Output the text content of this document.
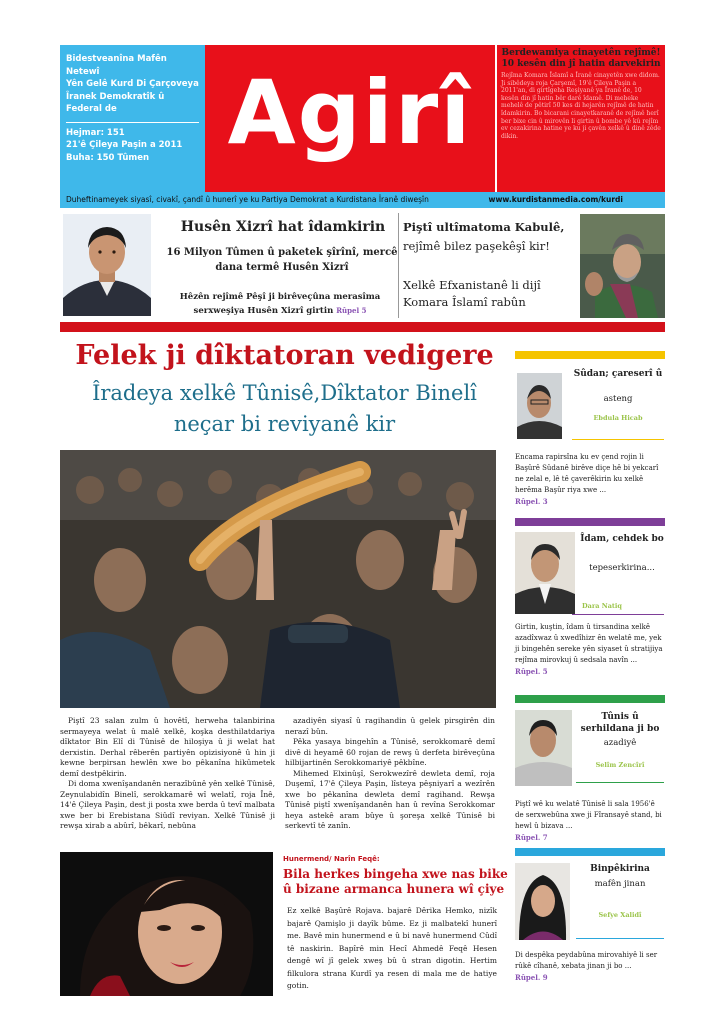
Bidestveanîna Mafên Netewî
Yên Gelê Kurd Di Çarçoveya
Îranek Demokratîk û
Federal de
Hejmar: 151
21'ê Çileya Paşin a 2011
Buha: 150 Tûmen Agirî
Berdewamiya cinayetên rejîmê! 10 kesên din jî hatin darvekirin
Rejîma Komara Îslamî a Îranê cinayetên xwe didom. Ji sibêdeya roja Çarşemî, 19'ê Çileya Paşin a 2011'an, di girtîgeha Reşiyanê ya Îranê de, 10 kesên din jî hatin bêr darê îdamê. Di meheke mehelê de pêtirî 50 kes di hejarên rejîmê de hatin îdamkirin. Bo bicarani cinayetkaranê de rejîmê herî ber bixe cin û mirovên li girtin û bombe yê kû rejîm ev cezakirina hatine ye ku ji çavên xelkê û dinê zêde dikin.
Duheftinameyek siyasî, civakî, çandî û hunerî ye ku Partiya Demokrat a Kurdistana Îranê diweşîn	www.kurdistanmedia.com/kurdi
Husên Xizrî hat îdamkirin
16 Milyon Tûmen û paketek şîrînî, mercê dana termê Husên Xizrî
Hêzên rejîmê Pêşî ji birêveçûna merasîma serxweşiya Husên Xizrî girtin Rûpel 5
Piştî ultîmatoma Kabulê,
rejîmê bilez paşekêşî kir!
Xelkê Efxanistanê li dijî Komara Îslamî rabûn
Felek ji dîktatoran vedigere
Îradeya xelkê Tûnisê,Dîktator Binelî neçar bi reviyanê kir

Piştî 23 salan zulm û hovêtî, herweha talanbirina sermayeya welat û malê xelkê, koşka desthilatdariya dîktator Bin Elî di Tûnisê de hiloşiya û ji welat hat derxistin. Derhal rêberên partiyên opizisiyonê û hin ji kewne berpirsan hewlên xwe bo pêkanîna hikûmetek demî destpêkirin.

Di doma xwenîşandanên nerazîbûnê yên xelkê Tûnisê, Zeynulabidîn Binelî, serokkamarê wî welatî, roja Înê, 14'ê Çileya Paşin, dest ji posta xwe berda û tevî malbata xwe ber bi Erebistana Siûdî reviyan. Xelkê Tûnisê ji rewşa xirab a abûrî, bêkarî, nebûna

azadiyên siyasî û ragihandin û gelek pirsgirên din nerazî bûn.

Pêka yasaya bingehîn a Tûnisê, serokkomarê demî divê di heyamê 60 rojan de rewş û derfeta birêveçûna hilbijartinên Serokkomariyê pêkbîne.

Mihemed Elxinûşî, Serokwezîrê dewleta demî, roja Duşemî, 17'ê Çileya Paşin, lîsteya pêşniyarî a wezîrên xwe bo pêkanîna dewleta demî ragihand. Rewşa Tûnisê piştî xwenîşandanên han û revîna Serokkomar heya astekê aram bûye û şoreşa xelkê Tûnisê bi serkevtî tê zanîn.

Hunermend/ Narîn Feqê:
Bila herkes bingeha xwe nas bike û bizane armanca hunera wî çiye
Ez xelkê Başûrê Rojava. bajarê Dêrika Hemko, nizîk bajarê Qamişlo ji dayîk bûme. Ez ji malbatekî hunerî me. Bavê min hunermend e û bi navê hunermend Cûdî tê naskirin. Bapîrê min Hecî Ahmedê Feqê Hesen dengê wî jî gelek xweş bû û stran digotin. Hertim filkulora strana Kurdî ya resen di mala me de hatiye gotin.
Sûdan; çareserî û
asteng
Ebdula Hicab
Encama rapirsîna ku ev çend rojin li Başûrê Sûdanê birêve diçe hê bi yekcarî ne zelal e, lê tê çaverêkirin ku xelkê herêma Başûr riya xwe ...
Rûpel. 3
Îdam, cehdek bo
tepeserkirina...
Dara Natiq
Girtin, kuştin, îdam û tirsandina xelkê azadîxwaz û xwedîhizr ên welatê me, yek ji bingehên sereke yên siyaset û stratijiya rejîma mirovkuj û sedsala navîn ...
Rûpel. 5
Tûnis û serhildana ji bo
azadiyê
Selîm Zencîrî
Piştî wê ku welatê Tûnisê li sala 1956'ê de serxwebûna xwe ji Fîransayê stand, bi hewl û bizava ...
Rûpel. 7
Binpêkirina
mafên jinan
Sefye Xalidî
Di despêka peydabûna mirovahiyê li ser rûkê cîhanê, xebata jinan ji bo ...
Rûpel. 9
